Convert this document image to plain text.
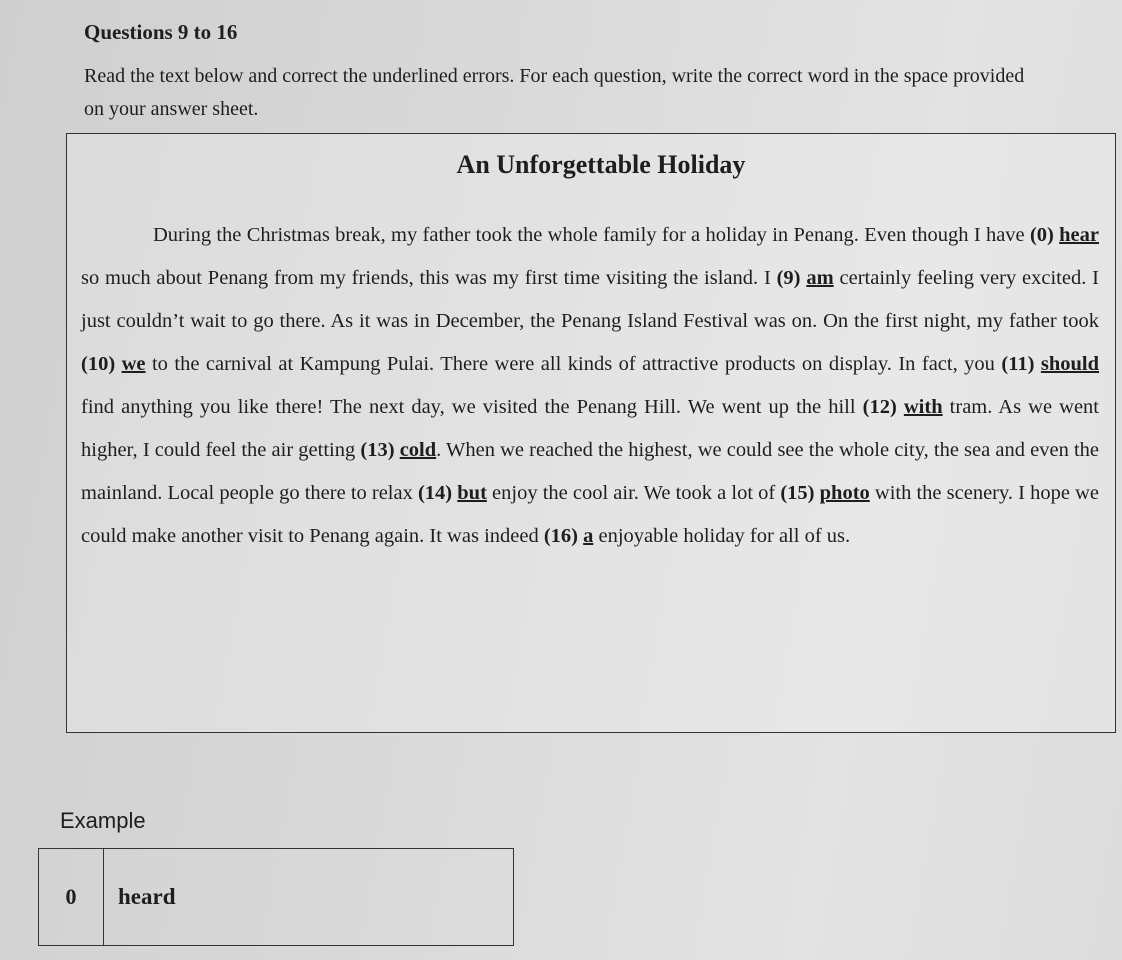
Questions 9 to 16
Read the text below and correct the underlined errors. For each question, write the correct word in the space provided on your answer sheet.
An Unforgettable Holiday

During the Christmas break, my father took the whole family for a holiday in Penang. Even though I have (0) hear so much about Penang from my friends, this was my first time visiting the island. I (9) am certainly feeling very excited. I just couldn’t wait to go there. As it was in December, the Penang Island Festival was on. On the first night, my father took (10) we to the carnival at Kampung Pulai. There were all kinds of attractive products on display. In fact, you (11) should find anything you like there! The next day, we visited the Penang Hill. We went up the hill (12) with tram. As we went higher, I could feel the air getting (13) cold. When we reached the highest, we could see the whole city, the sea and even the mainland. Local people go there to relax (14) but enjoy the cool air. We took a lot of (15) photo with the scenery. I hope we could make another visit to Penang again. It was indeed (16) a enjoyable holiday for all of us.

Example
0	heard
